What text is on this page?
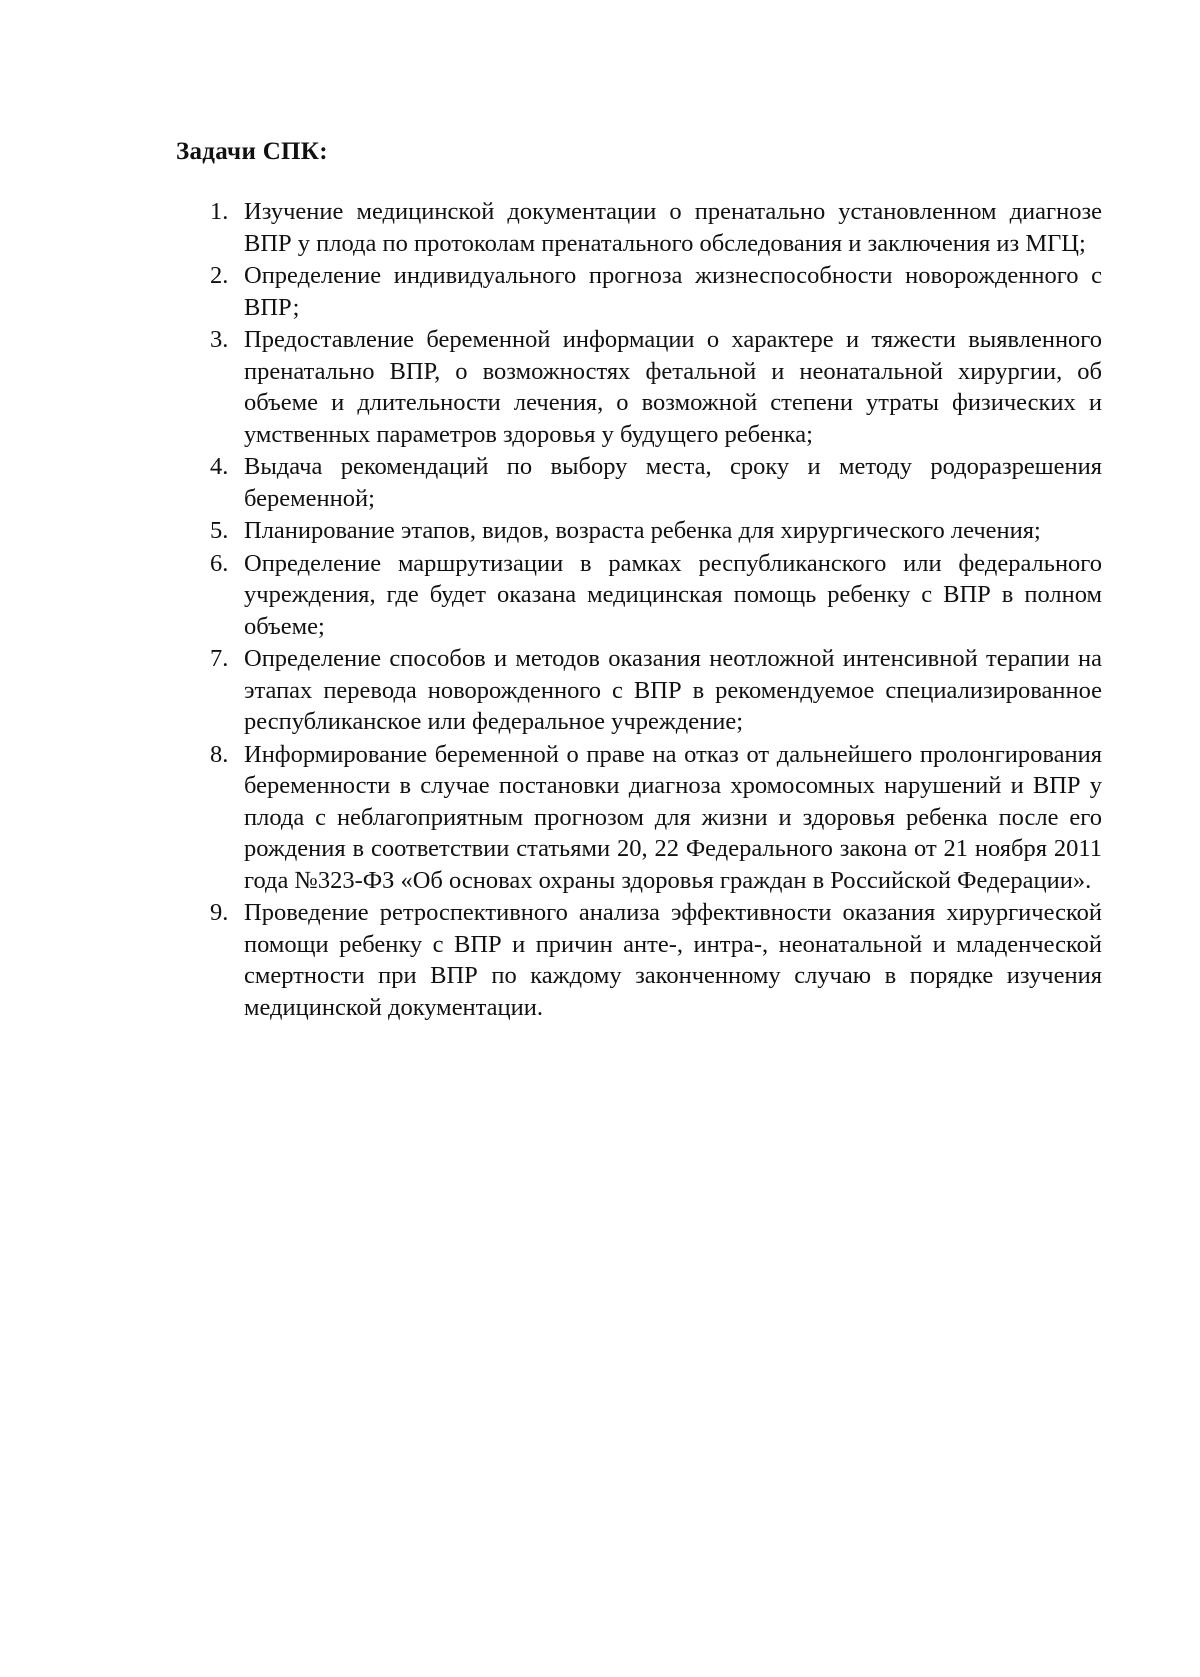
Задачи СПК:
1. Изучение медицинской документации о пренатально установленном диагнозе ВПР у плода по протоколам пренатального обследования и заключения из МГЦ;
2. Определение индивидуального прогноза жизнеспособности новорожденного с ВПР;
3. Предоставление беременной информации о характере и тяжести выявленного пренатально ВПР, о возможностях фетальной и неонатальной хирургии, об объеме и длительности лечения, о возможной степени утраты физических и умственных параметров здоровья у будущего ребенка;
4. Выдача рекомендаций по выбору места, сроку и методу родоразрешения беременной;
5. Планирование этапов, видов, возраста ребенка для хирургического лечения;
6. Определение маршрутизации в рамках республиканского или федерального учреждения, где будет оказана медицинская помощь ребенку с ВПР в полном объеме;
7. Определение способов и методов оказания неотложной интенсивной терапии на этапах перевода новорожденного с ВПР в рекомендуемое специализированное республиканское или федеральное учреждение;
8. Информирование беременной о праве на отказ от дальнейшего пролонгирования беременности в случае постановки диагноза хромосомных нарушений и ВПР у плода с неблагоприятным прогнозом для жизни и здоровья ребенка после его рождения в соответствии статьями 20, 22 Федерального закона от 21 ноября 2011 года №323-ФЗ «Об основах охраны здоровья граждан в Российской Федерации».
9. Проведение ретроспективного анализа эффективности оказания хирургической помощи ребенку с ВПР и причин анте-, интра-, неонатальной и младенческой смертности при ВПР по каждому законченному случаю в порядке изучения медицинской документации.
